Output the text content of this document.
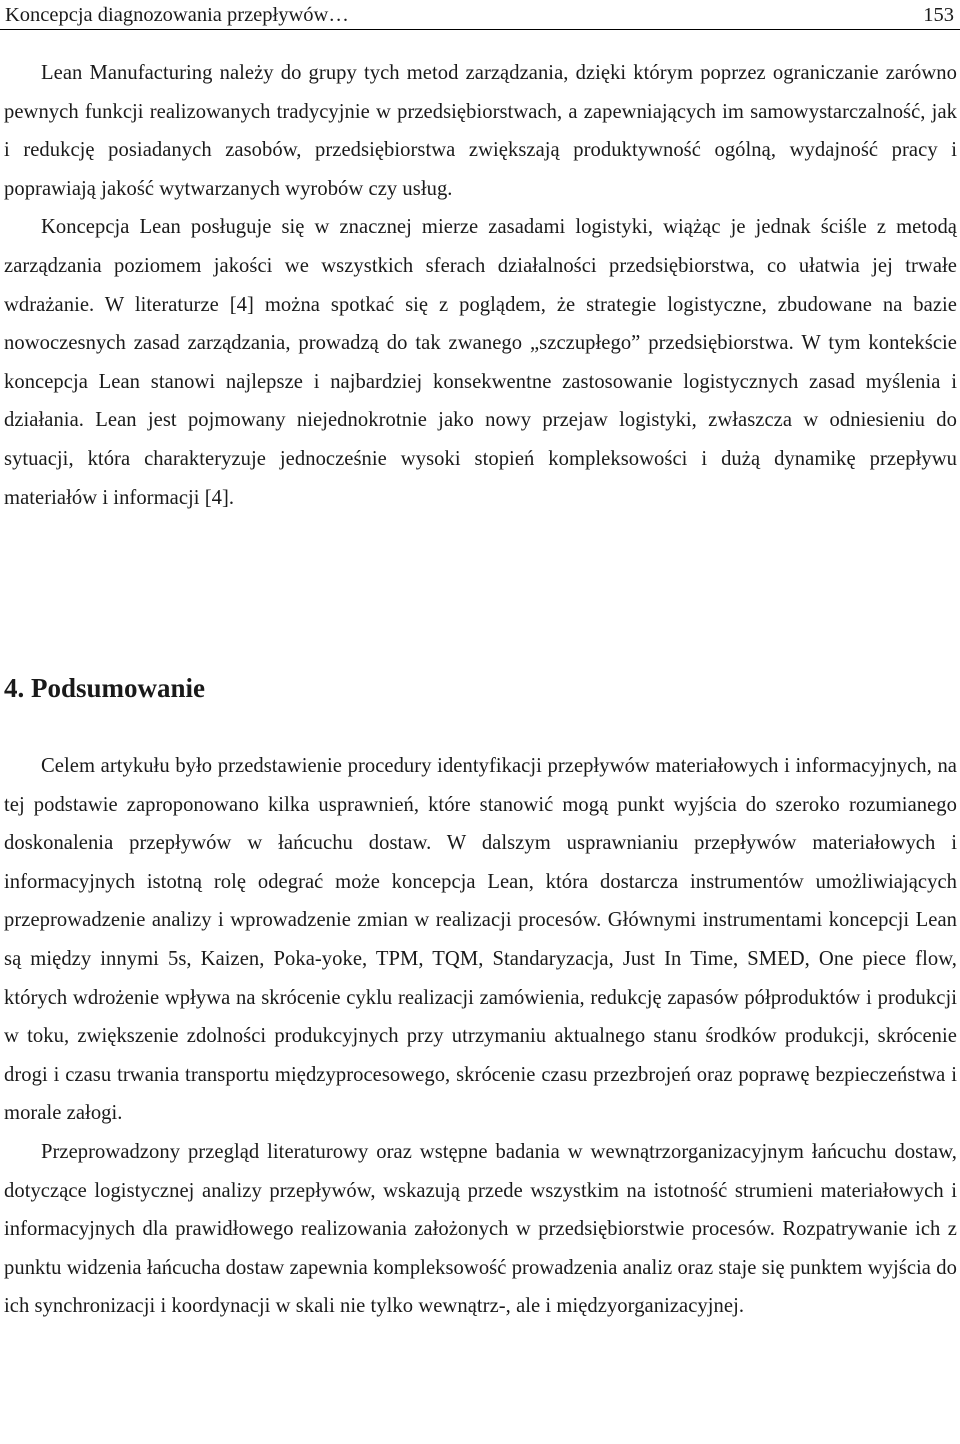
Koncepcja diagnozowania przepływów…	153

Lean Manufacturing należy do grupy tych metod zarządzania, dzięki którym poprzez ograniczanie zarówno pewnych funkcji realizowanych tradycyjnie w przedsiębiorstwach, a zapewniających im samowystarczalność, jak i redukcję posiadanych zasobów, przedsiębiorstwa zwiększają produktywność ogólną, wydajność pracy i poprawiają jakość wytwarzanych wyrobów czy usług.

Koncepcja Lean posługuje się w znacznej mierze zasadami logistyki, wiążąc je jednak ściśle z metodą zarządzania poziomem jakości we wszystkich sferach działalności przedsiębiorstwa, co ułatwia jej trwałe wdrażanie. W literaturze [4] można spotkać się z poglądem, że strategie logistyczne, zbudowane na bazie nowoczesnych zasad zarządzania, prowadzą do tak zwanego „szczupłego” przedsiębiorstwa. W tym kontekście koncepcja Lean stanowi najlepsze i najbardziej konsekwentne zastosowanie logistycznych zasad myślenia i działania. Lean jest pojmowany niejednokrotnie jako nowy przejaw logistyki, zwłaszcza w odniesieniu do sytuacji, która charakteryzuje jednocześnie wysoki stopień kompleksowości i dużą dynamikę przepływu materiałów i informacji [4].

4. Podsumowanie

Celem artykułu było przedstawienie procedury identyfikacji przepływów materiałowych i informacyjnych, na tej podstawie zaproponowano kilka usprawnień, które stanowić mogą punkt wyjścia do szeroko rozumianego doskonalenia przepływów w łańcuchu dostaw. W dalszym usprawnianiu przepływów materiałowych i informacyjnych istotną rolę odegrać może koncepcja Lean, która dostarcza instrumentów umożliwiających przeprowadzenie analizy i wprowadzenie zmian w realizacji procesów. Głównymi instrumentami koncepcji Lean są między innymi 5s, Kaizen, Poka-yoke, TPM, TQM, Standaryzacja, Just In Time, SMED, One piece flow, których wdrożenie wpływa na skrócenie cyklu realizacji zamówienia, redukcję zapasów półproduktów i produkcji w toku, zwiększenie zdolności produkcyjnych przy utrzymaniu aktualnego stanu środków produkcji, skrócenie drogi i czasu trwania transportu międzyprocesowego, skrócenie czasu przezbrojeń oraz poprawę bezpieczeństwa i morale załogi.

Przeprowadzony przegląd literaturowy oraz wstępne badania w wewnątrzorganizacyjnym łańcuchu dostaw, dotyczące logistycznej analizy przepływów, wskazują przede wszystkim na istotność strumieni materiałowych i informacyjnych dla prawidłowego realizowania założonych w przedsiębiorstwie procesów. Rozpatrywanie ich z punktu widzenia łańcucha dostaw zapewnia kompleksowość prowadzenia analiz oraz staje się punktem wyjścia do ich synchronizacji i koordynacji w skali nie tylko wewnątrz-, ale i międzyorganizacyjnej.
